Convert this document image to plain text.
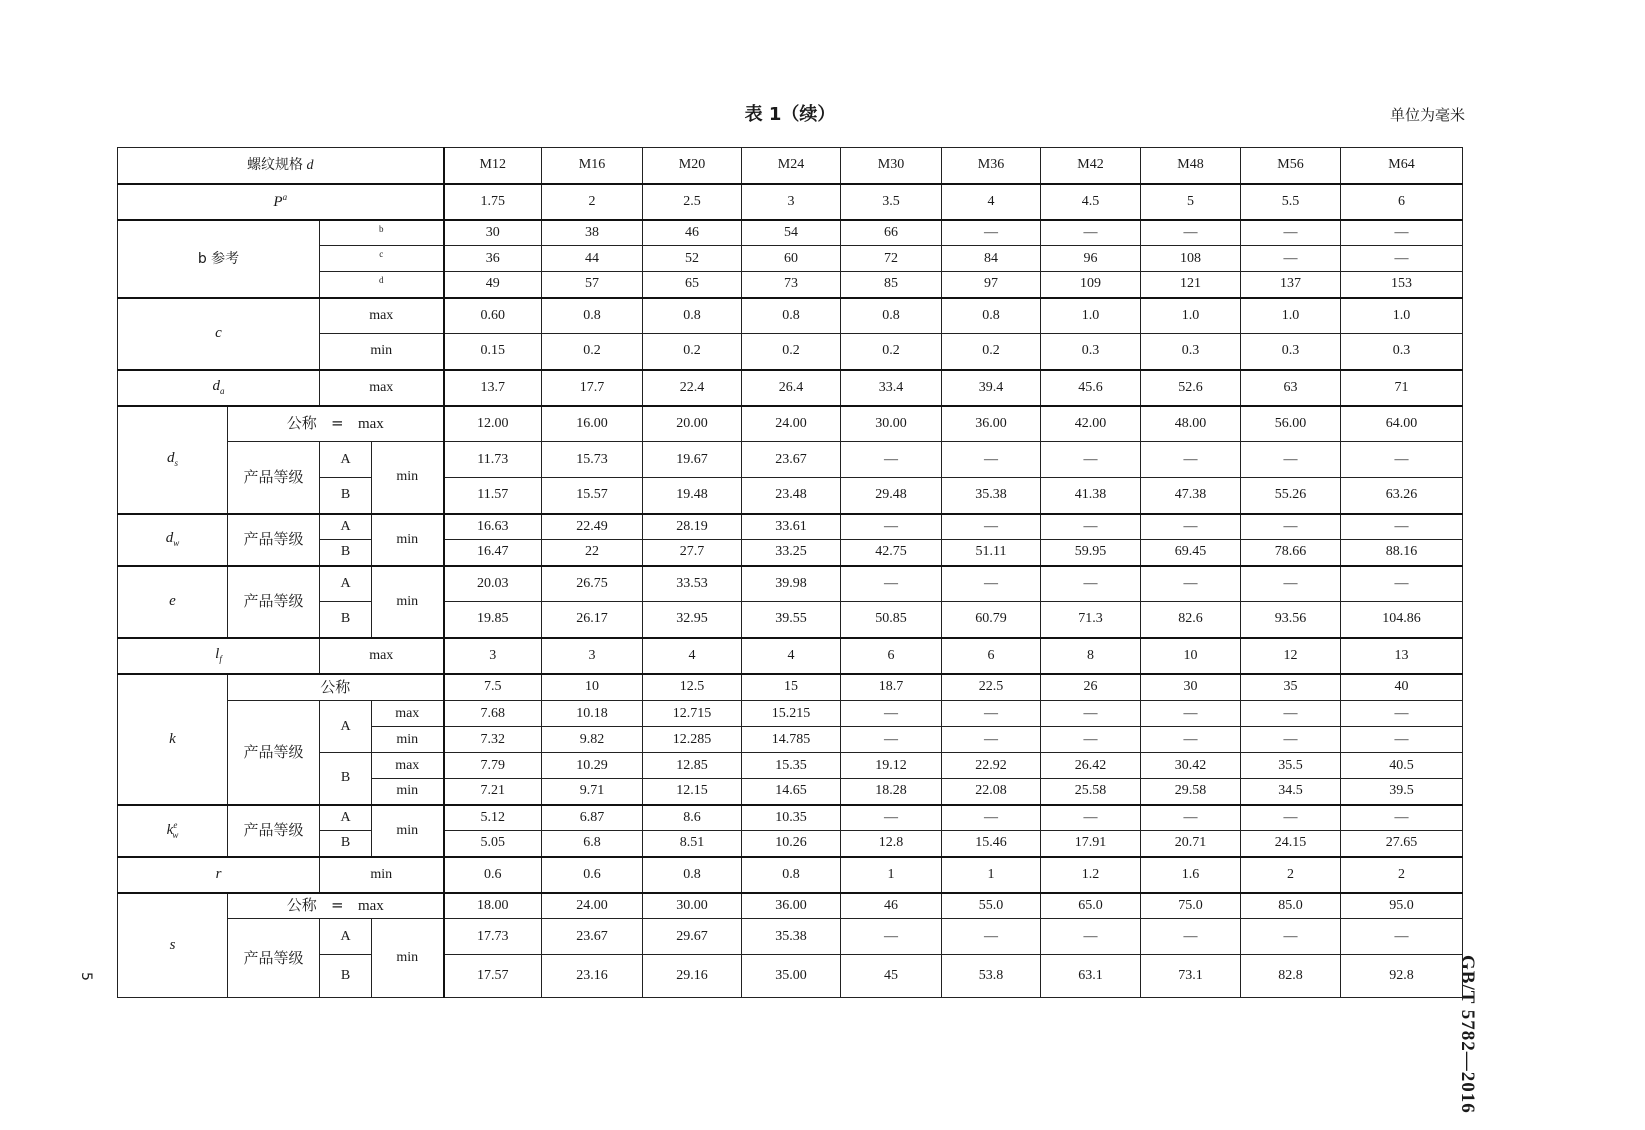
表 1（续）	单位为毫米
GB/T 5782—2016
5
螺纹规格 d				M12	M16	M20	M24	M30	M36	M42	M48	M56	M64
$P^a$				1.75	2	2.5	3	3.5	4	4.5	5	5.5	6
b 参考		b		30	38	46	54	66	—	—	—	—	—
		c		36	44	52	60	72	84	96	108	—	—
		d		49	57	65	73	85	97	109	121	137	153
c		max		0.60	0.8	0.8	0.8	0.8	0.8	1.0	1.0	1.0	1.0
		min		0.15	0.2	0.2	0.2	0.2	0.2	0.3	0.3	0.3	0.3
$d_a$		max		13.7	17.7	22.4	26.4	33.4	39.4	45.6	52.6	63	71
$d_s$	公称 = max			12.00	16.00	20.00	24.00	30.00	36.00	42.00	48.00	56.00	64.00
	产品等级	A	min	11.73	15.73	19.67	23.67	—	—	—	—	—	—
		B		11.57	15.57	19.48	23.48	29.48	35.38	41.38	47.38	55.26	63.26
$d_w$	产品等级	A	min	16.63	22.49	28.19	33.61	—	—	—	—	—	—
		B		16.47	22	27.7	33.25	42.75	51.11	59.95	69.45	78.66	88.16
e	产品等级	A	min	20.03	26.75	33.53	39.98	—	—	—	—	—	—
		B		19.85	26.17	32.95	39.55	50.85	60.79	71.3	82.6	93.56	104.86
$l_f$		max		3	3	4	4	6	6	8	10	12	13
k	公称			7.5	10	12.5	15	18.7	22.5	26	30	35	40
	产品等级	A	max	7.68	10.18	12.715	15.215	—	—	—	—	—	—
			min	7.32	9.82	12.285	14.785	—	—	—	—	—	—
		B	max	7.79	10.29	12.85	15.35	19.12	22.92	26.42	30.42	35.5	40.5
			min	7.21	9.71	12.15	14.65	18.28	22.08	25.58	29.58	34.5	39.5
$k^e_w$	产品等级	A	min	5.12	6.87	8.6	10.35	—	—	—	—	—	—
		B		5.05	6.8	8.51	10.26	12.8	15.46	17.91	20.71	24.15	27.65
r		min		0.6	0.6	0.8	0.8	1	1	1.2	1.6	2	2
s	公称 = max			18.00	24.00	30.00	36.00	46	55.0	65.0	75.0	85.0	95.0
	产品等级	A	min	17.73	23.67	29.67	35.38	—	—	—	—	—	—
		B		17.57	23.16	29.16	35.00	45	53.8	63.1	73.1	82.8	92.8
